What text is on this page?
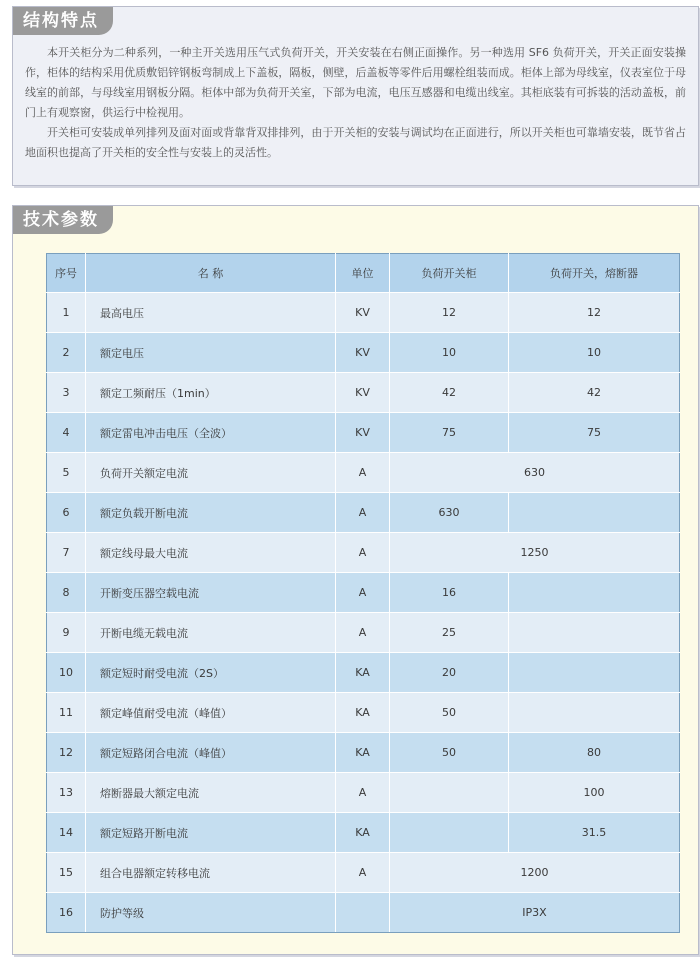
结构特点

本开关柜分为二种系列，一种主开关选用压气式负荷开关，开关安装在右侧正面操作。另一种选用 SF6 负荷开关，开关正面安装操作，柜体的结构采用优质敷铝锌钢板弯制成上下盖板，隔板，侧壁，后盖板等零件后用螺栓组装而成。柜体上部为母线室，仪表室位于母线室的前部，与母线室用钢板分隔。柜体中部为负荷开关室，下部为电流，电压互感器和电缆出线室。其柜底装有可拆装的活动盖板，前门上有观察窗，供运行中检视用。

开关柜可安装成单列排列及面对面或背靠背双排排列，由于开关柜的安装与调试均在正面进行，所以开关柜也可靠墙安装，既节省占地面积也提高了开关柜的安全性与安装上的灵活性。

技术参数
序号	名 称	单位	负荷开关柜	负荷开关，熔断器
1	最高电压	KV	12	12
2	额定电压	KV	10	10
3	额定工频耐压（1min）	KV	42	42
4	额定雷电冲击电压（全波）	KV	75	75
5	负荷开关额定电流	A	630	
6	额定负载开断电流	A	630	
7	额定线母最大电流	A	1250	
8	开断变压器空载电流	A	16	
9	开断电缆无载电流	A	25	
10	额定短时耐受电流（2S）	KA	20	
11	额定峰值耐受电流（峰值）	KA	50	
12	额定短路闭合电流（峰值）	KA	50	80
13	熔断器最大额定电流	A		100
14	额定短路开断电流	KA		31.5
15	组合电器额定转移电流	A	1200	
16	防护等级		IP3X	
